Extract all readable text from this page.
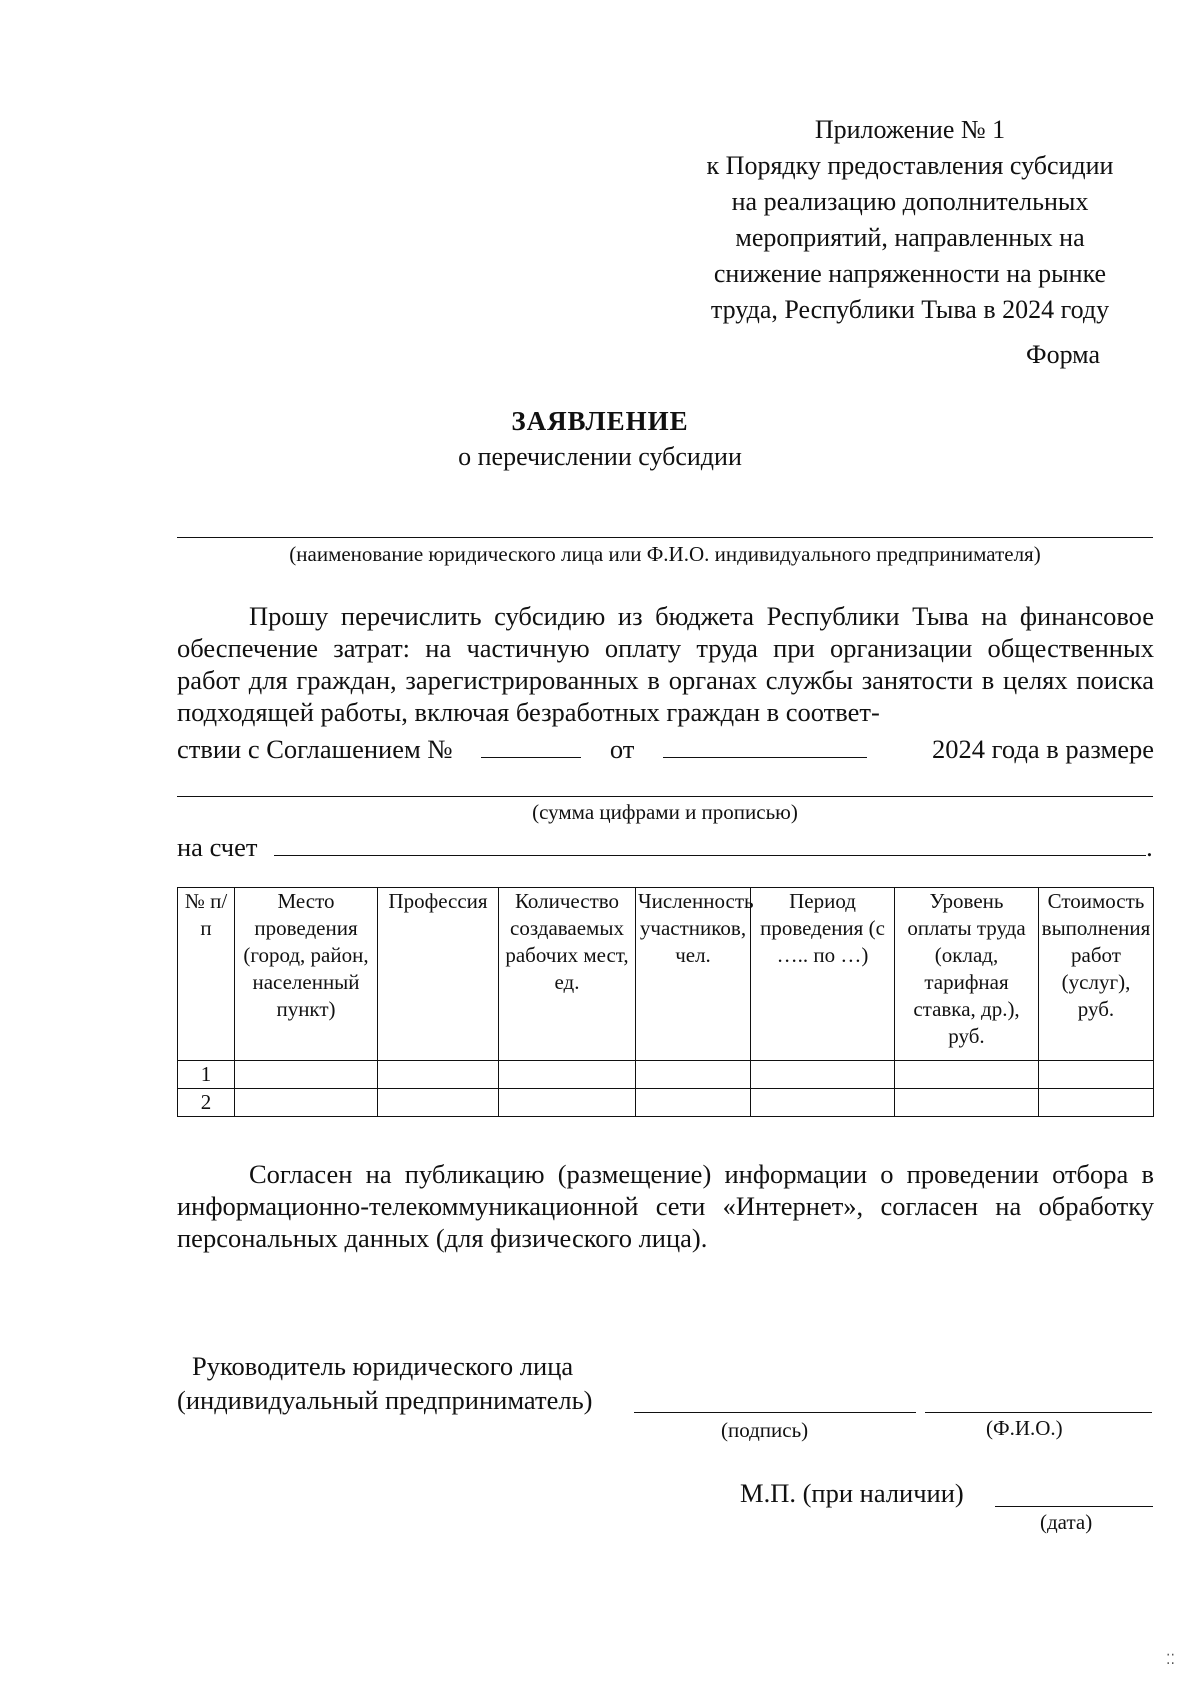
Приложение № 1
к Порядку предоставления субсидии
на реализацию дополнительных
мероприятий, направленных на
снижение напряженности на рынке
труда, Республики Тыва в 2024 году
Форма
ЗАЯВЛЕНИЕ
о перечислении субсидии
(наименование юридического лица или Ф.И.О. индивидуального предпринимателя)

Прошу перечислить субсидию из бюджета Республики Тыва на финансовое обеспечение затрат: на частичную оплату труда при организации общественных работ для граждан, зарегистрированных в органах службы занятости в целях поиска подходящей работы, включая безработных граждан в соответ-

ствии с Соглашением №	от	2024 года в размере
(сумма цифрами и прописью)
на счет	.
№ п/п	Место проведения (город, район, населенный пункт)	Профессия	Количество создаваемых рабочих мест, ед.	Численность участников, чел.	Период проведения (с ….. по …)	Уровень оплаты труда (оклад, тарифная ставка, др.), руб.	Стоимость выполнения работ (услуг), руб.
1							
2							

Согласен на публикацию (размещение) информации о проведении отбора в информационно-телекоммуникационной сети «Интернет», согласен на обработку персональных данных (для физического лица).

Руководитель юридического лица
(индивидуальный предприниматель)
(подпись)	(Ф.И.О.)
М.П. (при наличии)
(дата)
⁚⁚
